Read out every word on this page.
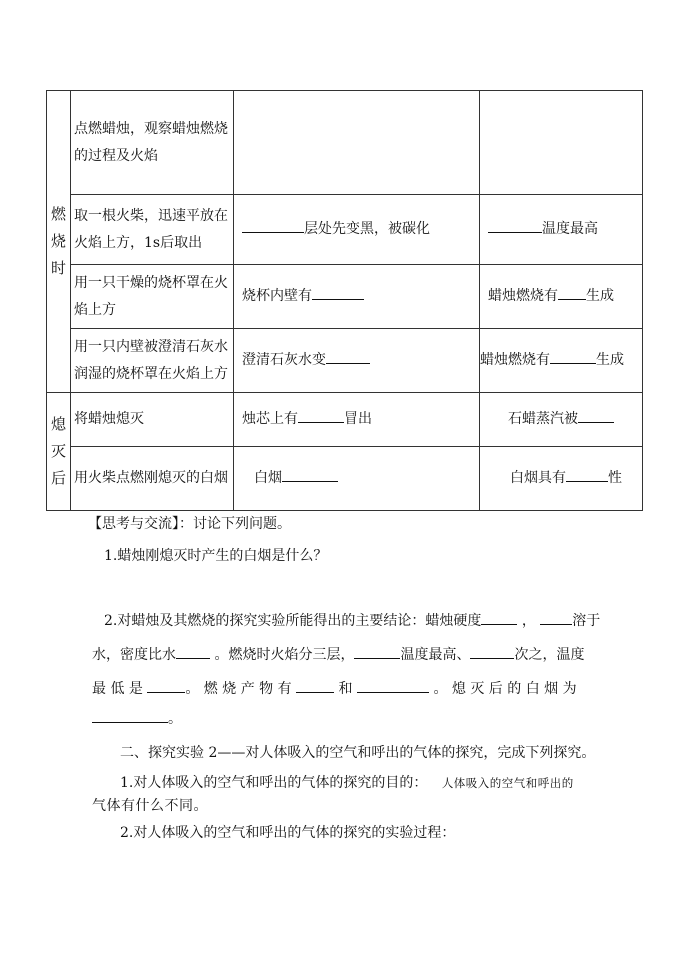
燃烧时	点燃蜡烛，观察蜡烛燃烧的过程及火焰		
	取一根火柴，迅速平放在火焰上方，1s后取出	层处先变黑，被碳化	温度最高
	用一只干燥的烧杯罩在火焰上方	烧杯内壁有	蜡烛燃烧有 生成
	用一只内壁被澄清石灰水润湿的烧杯罩在火焰上方	澄清石灰水变	蜡烛燃烧有 生成
熄灭后	将蜡烛熄灭	烛芯上有 冒出	石蜡蒸汽被
	用火柴点燃刚熄灭的白烟	白烟	白烟具有 性

【思考与交流】：讨论下列问题。

1.蜡烛刚熄灭时产生的白烟是什么？

2.对蜡烛及其燃烧的探究实验所能得出的主要结论：蜡烛硬度	，	溶于

水，密度比水	。燃烧时火焰分三层，	温度最高、	次之，温度

最 低 是	。 燃 烧 产 物 有	和	。 熄 灭 后 的 白 烟 为

。

二、探究实验 2——对人体吸入的空气和呼出的气体的探究，完成下列探究。

1.对人体吸入的空气和呼出的气体的探究的目的： 人体吸入的空气和呼出的

气体有什么不同。

2.对人体吸入的空气和呼出的气体的探究的实验过程：
